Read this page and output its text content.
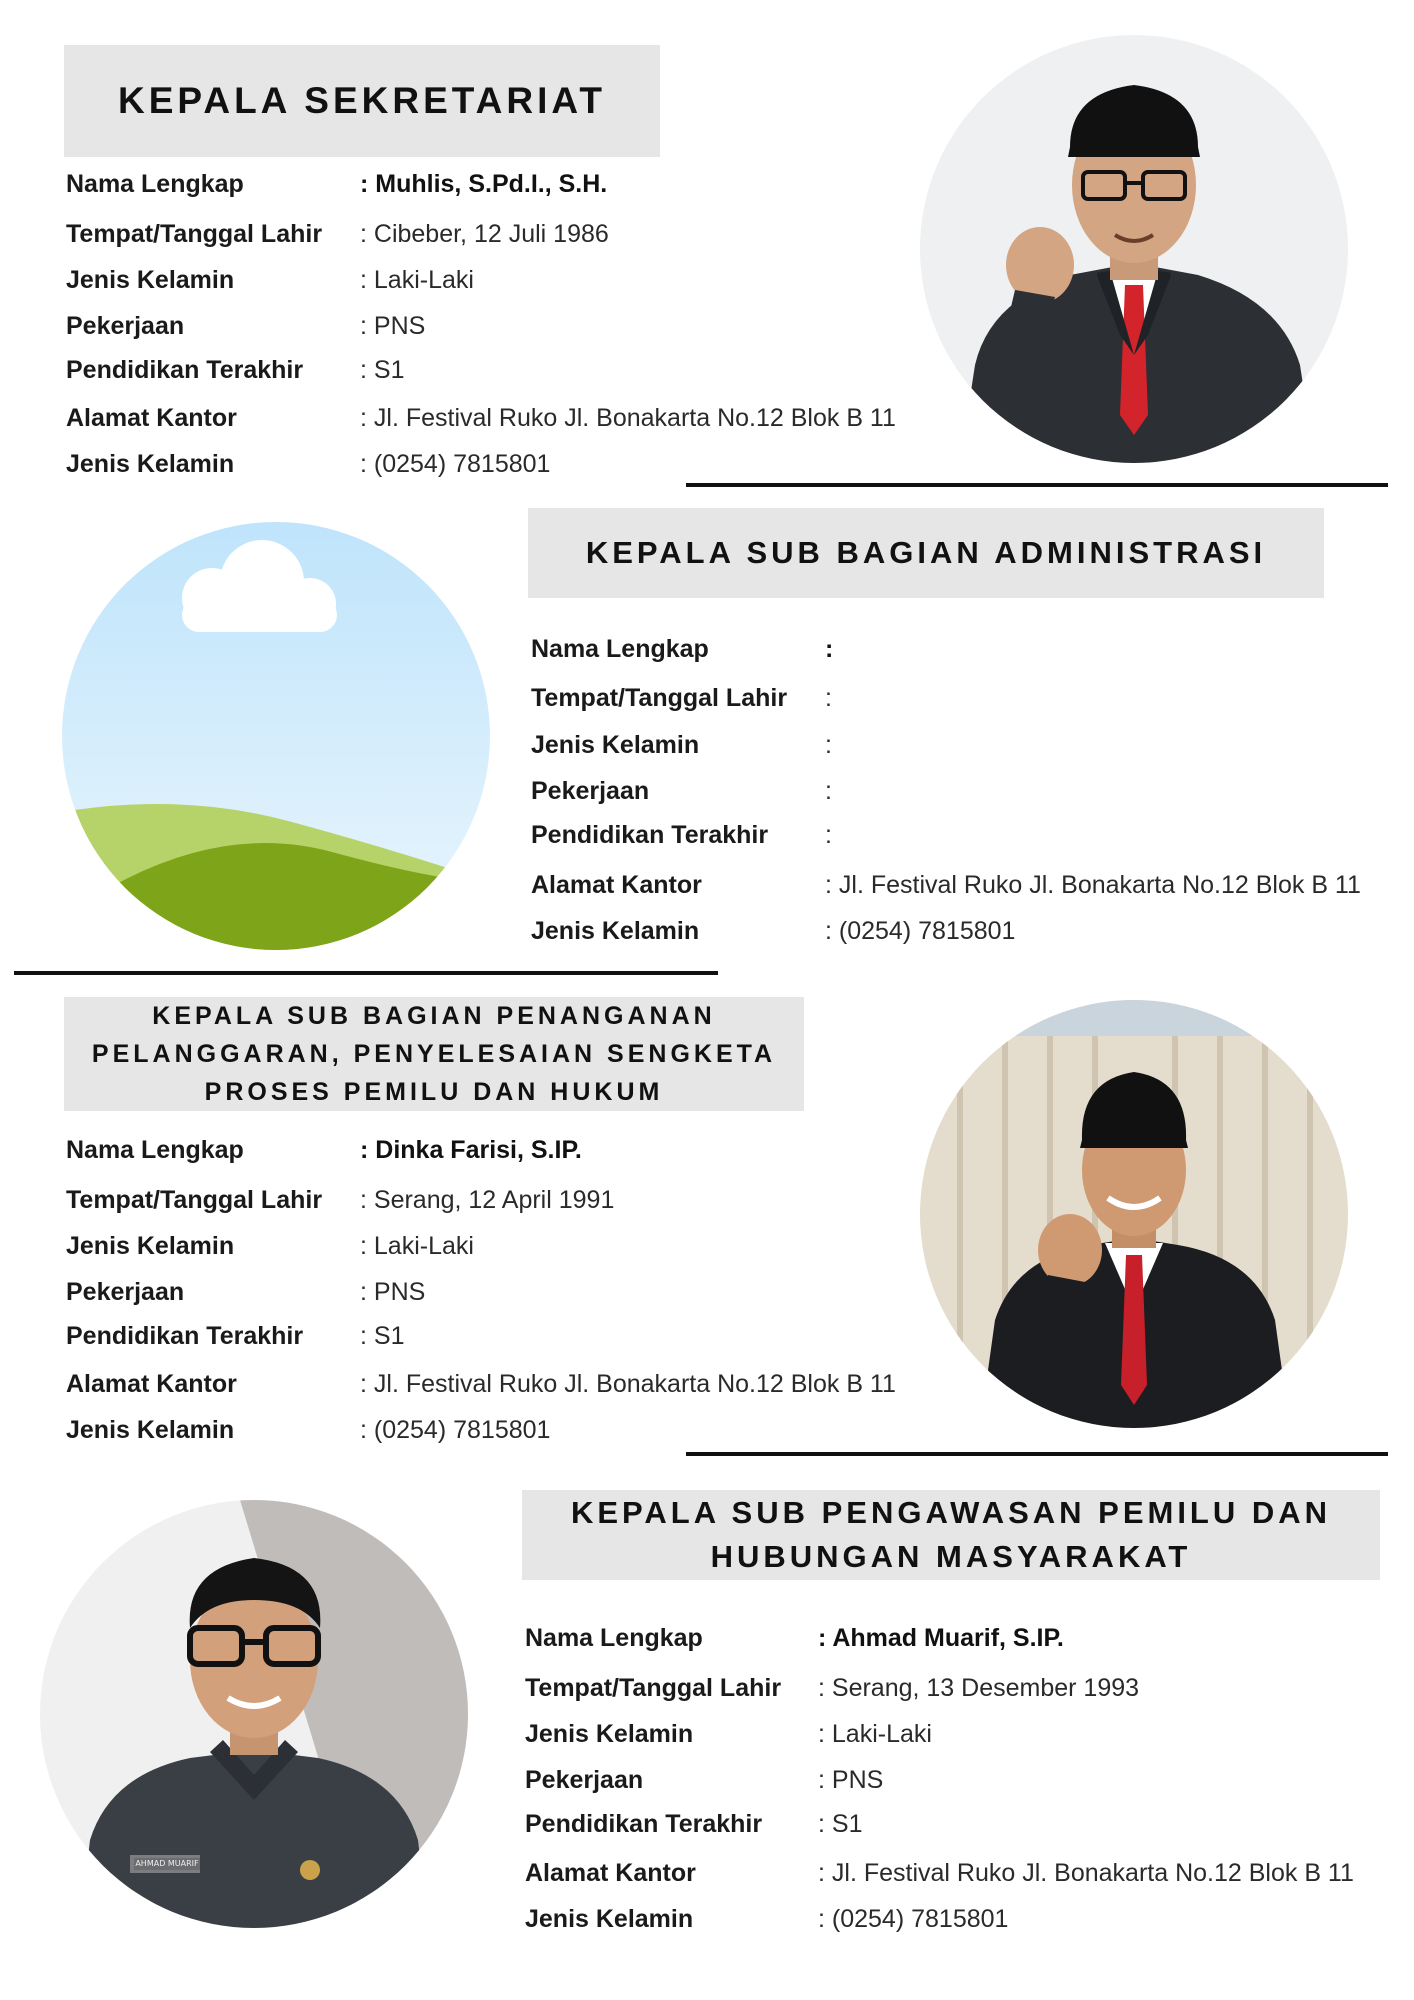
KEPALA SEKRETARIAT
Nama Lengkap	: Muhlis, S.Pd.I., S.H.
Tempat/Tanggal Lahir : Cibeber, 12 Juli 1986
Jenis Kelamin	: Laki-Laki
Pekerjaan	: PNS
Pendidikan Terakhir : S1
Alamat Kantor	: Jl. Festival Ruko Jl. Bonakarta No.12 Blok B 11
Jenis Kelamin	: (0254) 7815801
KEPALA SUB BAGIAN ADMINISTRASI
Nama Lengkap	:
Tempat/Tanggal Lahir :
Jenis Kelamin	:
Pekerjaan	:
Pendidikan Terakhir :
Alamat Kantor	: Jl. Festival Ruko Jl. Bonakarta No.12 Blok B 11
Jenis Kelamin	: (0254) 7815801
KEPALA SUB BAGIAN PENANGANAN
PELANGGARAN, PENYELESAIAN SENGKETA
PROSES PEMILU DAN HUKUM
Nama Lengkap	: Dinka Farisi, S.IP.
Tempat/Tanggal Lahir : Serang, 12 April 1991
Jenis Kelamin	: Laki-Laki
Pekerjaan	: PNS
Pendidikan Terakhir : S1
Alamat Kantor	: Jl. Festival Ruko Jl. Bonakarta No.12 Blok B 11
Jenis Kelamin	: (0254) 7815801
KEPALA SUB PENGAWASAN PEMILU DAN
HUBUNGAN MASYARAKAT
AHMAD MUARIF
Nama Lengkap	: Ahmad Muarif, S.IP.
Tempat/Tanggal Lahir : Serang, 13 Desember 1993
Jenis Kelamin	: Laki-Laki
Pekerjaan	: PNS
Pendidikan Terakhir : S1
Alamat Kantor	: Jl. Festival Ruko Jl. Bonakarta No.12 Blok B 11
Jenis Kelamin	: (0254) 7815801
